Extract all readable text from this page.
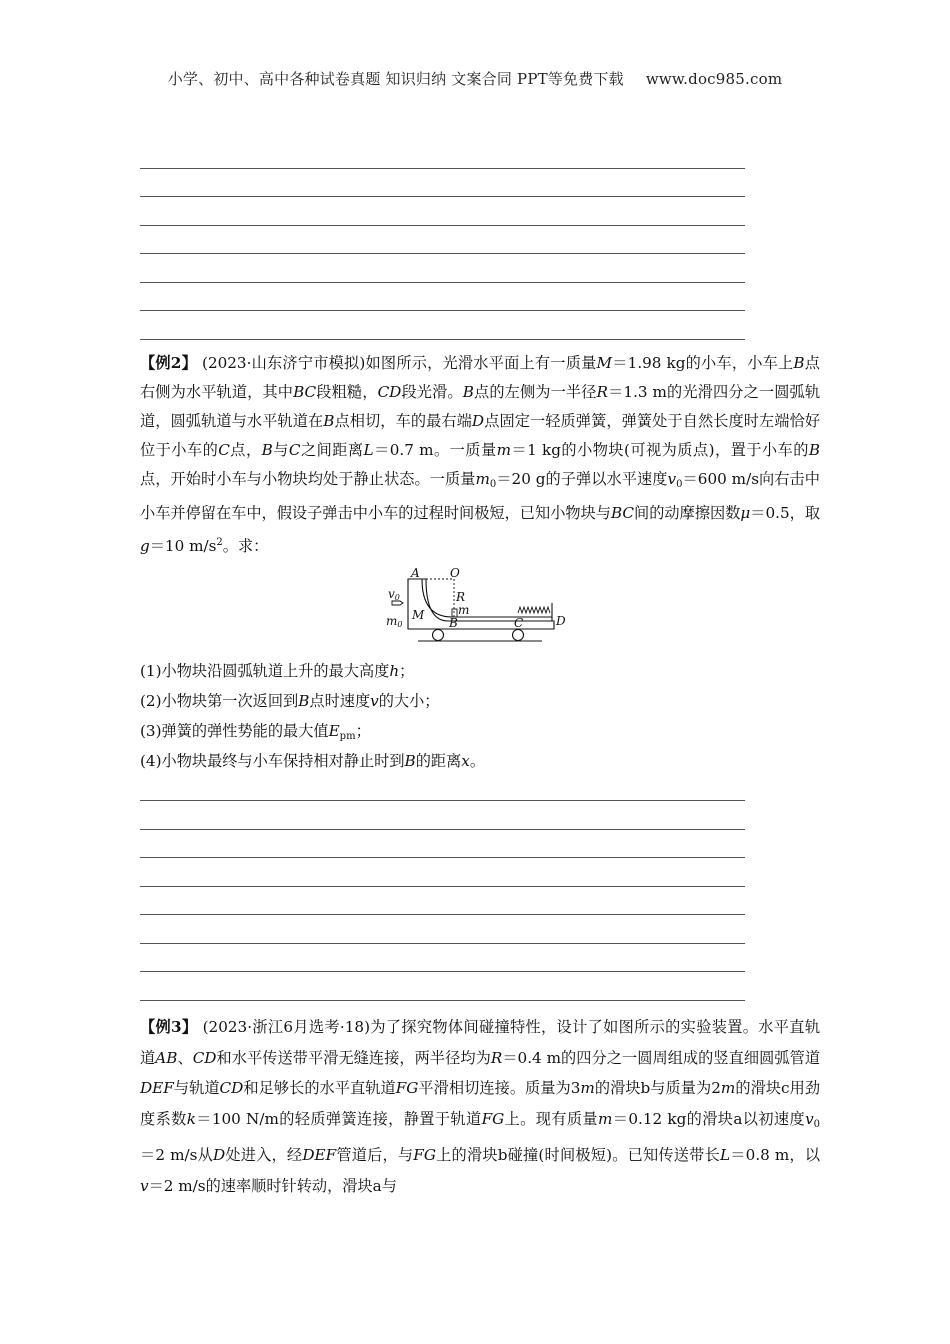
小学、初中、高中各种试卷真题 知识归纳 文案合同 PPT等免费下载 www.doc985.com

【例2】 (2023·山东济宁市模拟)如图所示，光滑水平面上有一质量M＝1.98 kg的小车，小车上B点右侧为水平轨道，其中BC段粗糙，CD段光滑。B点的左侧为一半径R＝1.3 m的光滑四分之一圆弧轨道，圆弧轨道与水平轨道在B点相切，车的最右端D点固定一轻质弹簧，弹簧处于自然长度时左端恰好位于小车的C点，B与C之间距离L＝0.7 m。一质量m＝1 kg的小物块(可视为质点)，置于小车的B点，开始时小车与小物块均处于静止状态。一质量$m_0=20$ g的子弹以水平速度$v_0=600$ m/s向右击中小车并停留在车中，假设子弹击中小车的过程时间极短，已知小物块与BC间的动摩擦因数μ＝0.5，取g＝10 $m/s^2$。求：

A	O
R
m
v0
m0
M
B	C	D
(1)小物块沿圆弧轨道上升的最大高度h；
(2)小物块第一次返回到B点时速度v的大小；
(3)弹簧的弹性势能的最大值$E_{pm}$；
(4)小物块最终与小车保持相对静止时到B的距离x。

【例3】 (2023·浙江6月选考·18)为了探究物体间碰撞特性，设计了如图所示的实验装置。水平直轨道AB、CD和水平传送带平滑无缝连接，两半径均为R＝0.4 m的四分之一圆周组成的竖直细圆弧管道DEF与轨道CD和足够长的水平直轨道FG平滑相切连接。质量为3m的滑块b与质量为2m的滑块c用劲度系数k＝100 N/m的轻质弹簧连接，静置于轨道FG上。现有质量m＝0.12 kg的滑块a以初速度$v_0=2$ m/s从D处进入，经DEF管道后，与FG上的滑块b碰撞(时间极短)。已知传送带长L＝0.8 m，以v＝2 m/s的速率顺时针转动，滑块a与
